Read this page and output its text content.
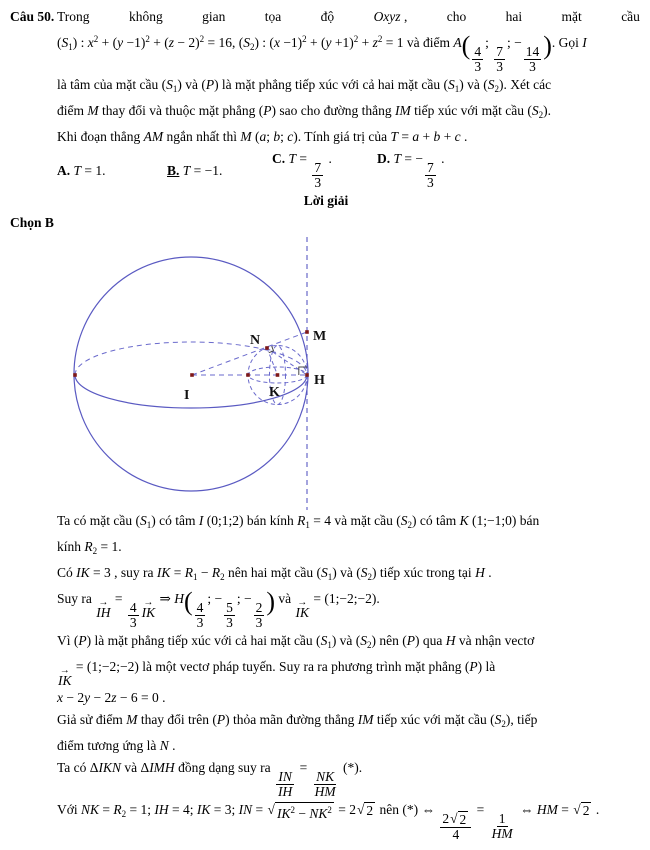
Câu 50. Trong	không	gian	tọa	độ	Oxyz ,	cho	hai	mặt	cầu
$(S_1)$ : $x^2 + (y -1)^2 + (z - 2)^2 = 16$, $(S_2)$ : $(x -1)^2 + (y +1)^2 + z^2 = 1$ và điểm $A( \frac{4}{3}$
;
$\frac{7}{3}$
; −
$\frac{14}{3}$ ). Gọi I
là tâm của mặt cầu $(S_1)$ và (P) là mặt phẳng tiếp xúc với cả hai mặt cầu $(S_1)$ và $(S_2)$. Xét các
điểm M thay đổi và thuộc mặt phẳng (P) sao cho đường thẳng IM tiếp xúc với mặt cầu $(S_2)$.
Khi đoạn thẳng AM ngắn nhất thì M (a; b; c). Tính giá trị của T = a + b + c .
A. T = 1.	B. T = −1.
C. T =
$\frac{7}{3}$
.	D. T = −
$\frac{7}{3}$
.
Lời giải
Chọn B
I	K
N	M
H
Ta có mặt cầu $(S_1)$ có tâm I (0;1;2) bán kính $R_1 = 4$ và mặt cầu $(S_2)$ có tâm K (1;−1;0) bán
kính $R_2 = 1$.
Có IK = 3 , suy ra IK = $R_1 - R_2$ nên hai mặt cầu $(S_1)$ và $(S_2)$ tiếp xúc trong tại H .
Suy ra →
IH
=
$\frac{4}{3}$ →
IK
⇒ $H( \frac{4}{3}$
; −
$\frac{5}{3}$
; −
$\frac{2}{3}$ ) và →
IK
= (1;−2;−2).
Vì (P) là mặt phẳng tiếp xúc với cả hai mặt cầu $(S_1)$ và $(S_2)$ nên (P) qua H và nhận vectơ
→
IK
= (1;−2;−2) là một vectơ pháp tuyến. Suy ra ra phương trình mặt phẳng (P) là
x − 2y − 2z − 6 = 0 .
Giả sử điểm M thay đổi trên (P) thỏa mãn đường thẳng IM tiếp xúc với mặt cầu $(S_2)$, tiếp
điểm tương ứng là N .
Ta có ΔIKN và ΔIMH đồng dạng suy ra
$\frac{IN}{IH}$
=
$\frac{NK}{HM}$
(*).
Với NK = $R_2 = 1$; IH = 4; IK = 3; IN = √ $IK^2 - NK^2 = 2$ √ 2 nên (*) ⇔
$\frac{2 √ 2}{4}$
=
$\frac{1}{HM}$
⇔ HM = √ 2 .
